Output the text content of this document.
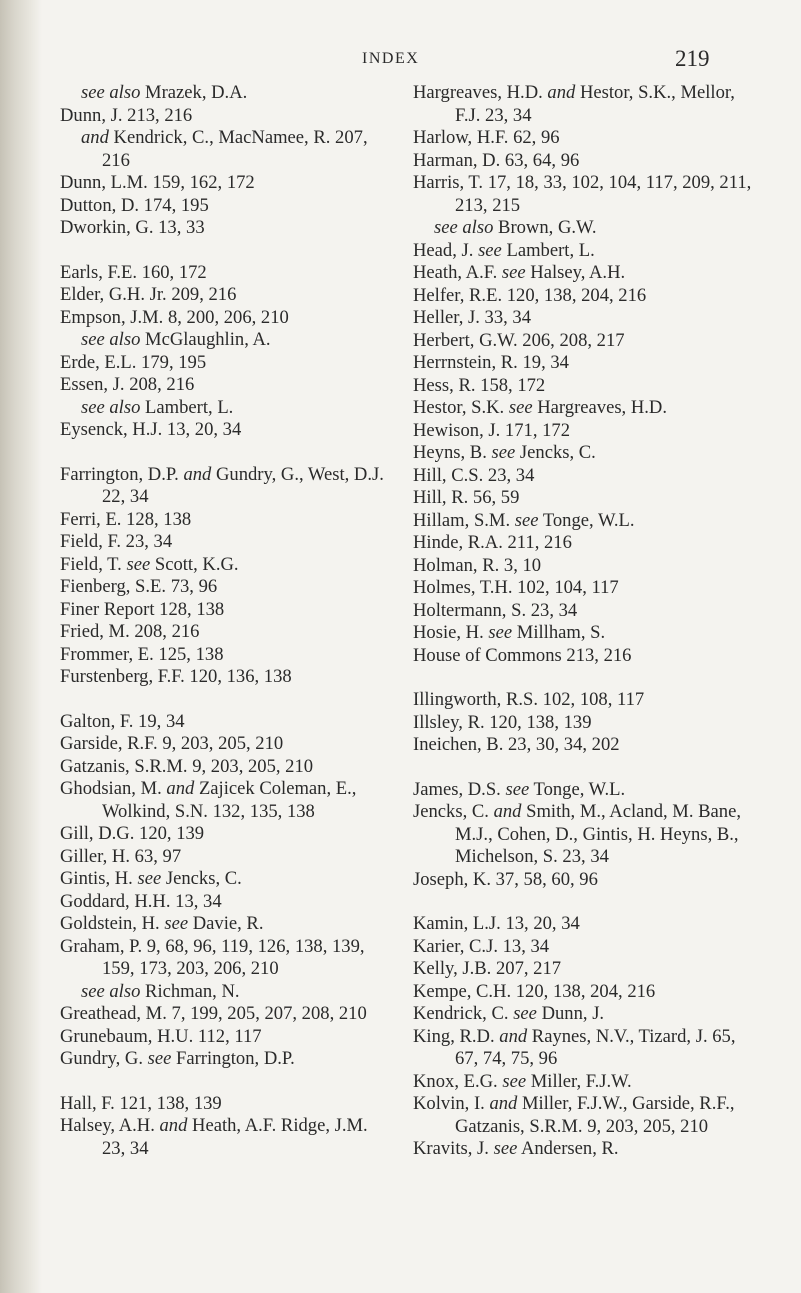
INDEX	219

see also Mrazek, D.A.

Dunn, J. 213, 216

and Kendrick, C., MacNamee, R. 207, 216

Dunn, L.M. 159, 162, 172

Dutton, D. 174, 195

Dworkin, G. 13, 33

Earls, F.E. 160, 172

Elder, G.H. Jr. 209, 216

Empson, J.M. 8, 200, 206, 210

see also McGlaughlin, A.

Erde, E.L. 179, 195

Essen, J. 208, 216

see also Lambert, L.

Eysenck, H.J. 13, 20, 34

Farrington, D.P. and Gundry, G., West, D.J. 22, 34

Ferri, E. 128, 138

Field, F. 23, 34

Field, T. see Scott, K.G.

Fienberg, S.E. 73, 96

Finer Report 128, 138

Fried, M. 208, 216

Frommer, E. 125, 138

Furstenberg, F.F. 120, 136, 138

Galton, F. 19, 34

Garside, R.F. 9, 203, 205, 210

Gatzanis, S.R.M. 9, 203, 205, 210

Ghodsian, M. and Zajicek Coleman, E., Wolkind, S.N. 132, 135, 138

Gill, D.G. 120, 139

Giller, H. 63, 97

Gintis, H. see Jencks, C.

Goddard, H.H. 13, 34

Goldstein, H. see Davie, R.

Graham, P. 9, 68, 96, 119, 126, 138, 139, 159, 173, 203, 206, 210

see also Richman, N.

Greathead, M. 7, 199, 205, 207, 208, 210

Grunebaum, H.U. 112, 117

Gundry, G. see Farrington, D.P.

Hall, F. 121, 138, 139

Halsey, A.H. and Heath, A.F. Ridge, J.M. 23, 34

Hargreaves, H.D. and Hestor, S.K., Mellor, F.J. 23, 34

Harlow, H.F. 62, 96

Harman, D. 63, 64, 96

Harris, T. 17, 18, 33, 102, 104, 117, 209, 211, 213, 215

see also Brown, G.W.

Head, J. see Lambert, L.

Heath, A.F. see Halsey, A.H.

Helfer, R.E. 120, 138, 204, 216

Heller, J. 33, 34

Herbert, G.W. 206, 208, 217

Herrnstein, R. 19, 34

Hess, R. 158, 172

Hestor, S.K. see Hargreaves, H.D.

Hewison, J. 171, 172

Heyns, B. see Jencks, C.

Hill, C.S. 23, 34

Hill, R. 56, 59

Hillam, S.M. see Tonge, W.L.

Hinde, R.A. 211, 216

Holman, R. 3, 10

Holmes, T.H. 102, 104, 117

Holtermann, S. 23, 34

Hosie, H. see Millham, S.

House of Commons 213, 216

Illingworth, R.S. 102, 108, 117

Illsley, R. 120, 138, 139

Ineichen, B. 23, 30, 34, 202

James, D.S. see Tonge, W.L.

Jencks, C. and Smith, M., Acland, M. Bane, M.J., Cohen, D., Gintis, H. Heyns, B., Michelson, S. 23, 34

Joseph, K. 37, 58, 60, 96

Kamin, L.J. 13, 20, 34

Karier, C.J. 13, 34

Kelly, J.B. 207, 217

Kempe, C.H. 120, 138, 204, 216

Kendrick, C. see Dunn, J.

King, R.D. and Raynes, N.V., Tizard, J. 65, 67, 74, 75, 96

Knox, E.G. see Miller, F.J.W.

Kolvin, I. and Miller, F.J.W., Garside, R.F., Gatzanis, S.R.M. 9, 203, 205, 210

Kravits, J. see Andersen, R.
